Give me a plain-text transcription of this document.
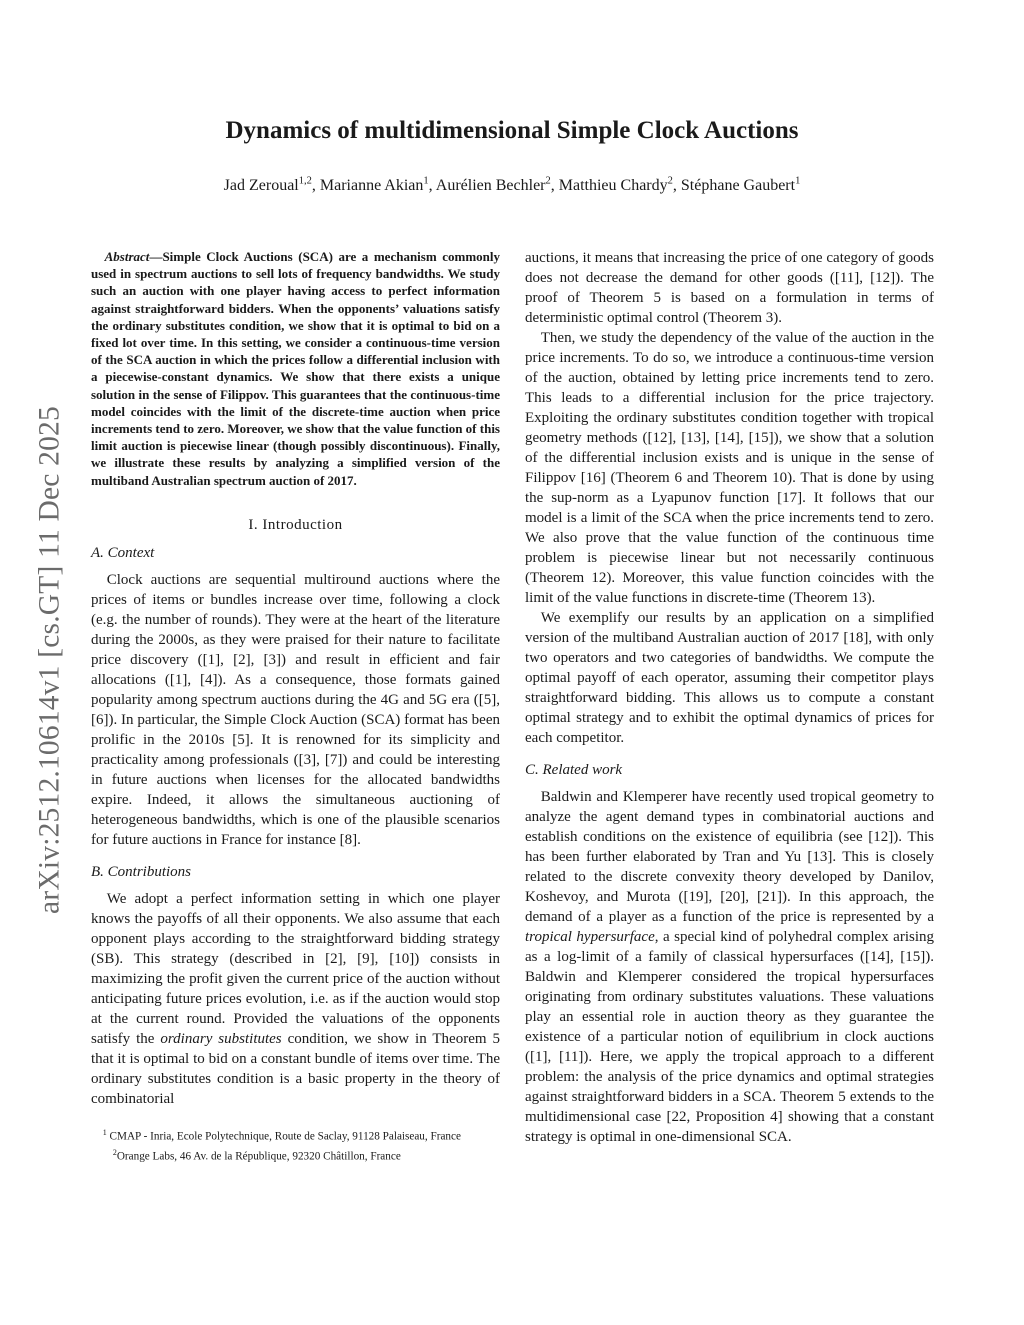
arXiv:2512.10614v1 [cs.GT] 11 Dec 2025
Dynamics of multidimensional Simple Clock Auctions
Jad Zeroual$^{1,2}$, Marianne Akian$^1$, Aurélien Bechler$^2$, Matthieu Chardy$^2$, Stéphane Gaubert$^1$

Abstract—Simple Clock Auctions (SCA) are a mechanism commonly used in spectrum auctions to sell lots of frequency bandwidths. We study such an auction with one player having access to perfect information against straightforward bidders. When the opponents’ valuations satisfy the ordinary substitutes condition, we show that it is optimal to bid on a fixed lot over time. In this setting, we consider a continuous-time version of the SCA auction in which the prices follow a differential inclusion with a piecewise-constant dynamics. We show that there exists a unique solution in the sense of Filippov. This guarantees that the continuous-time model coincides with the limit of the discrete-time auction when price increments tend to zero. Moreover, we show that the value function of this limit auction is piecewise linear (though possibly discontinuous). Finally, we illustrate these results by analyzing a simplified version of the multiband Australian spectrum auction of 2017.

I. Introduction
A. Context

Clock auctions are sequential multiround auctions where the prices of items or bundles increase over time, following a clock (e.g. the number of rounds). They were at the heart of the literature during the 2000s, as they were praised for their nature to facilitate price discovery ([1], [2], [3]) and result in efficient and fair allocations ([1], [4]). As a consequence, those formats gained popularity among spectrum auctions during the 4G and 5G era ([5], [6]). In particular, the Simple Clock Auction (SCA) format has been prolific in the 2010s [5]. It is renowned for its simplicity and practicality among professionals ([3], [7]) and could be interesting in future auctions when licenses for the allocated bandwidths expire. Indeed, it allows the simultaneous auctioning of heterogeneous bandwidths, which is one of the plausible scenarios for future auctions in France for instance [8].

B. Contributions

We adopt a perfect information setting in which one player knows the payoffs of all their opponents. We also assume that each opponent plays according to the straightforward bidding strategy (SB). This strategy (described in [2], [9], [10]) consists in maximizing the profit given the current price of the auction without anticipating future prices evolution, i.e. as if the auction would stop at the current round. Provided the valuations of the opponents satisfy the ordinary substitutes condition, we show in Theorem 5 that it is optimal to bid on a constant bundle of items over time. The ordinary substitutes condition is a basic property in the theory of combinatorial

$^1$ CMAP - Inria, Ecole Polytechnique, Route de Saclay, 91128 Palaiseau, France

$^2$Orange Labs, 46 Av. de la République, 92320 Châtillon, France

auctions, it means that increasing the price of one category of goods does not decrease the demand for other goods ([11], [12]). The proof of Theorem 5 is based on a formulation in terms of deterministic optimal control (Theorem 3).

Then, we study the dependency of the value of the auction in the price increments. To do so, we introduce a continuous-time version of the auction, obtained by letting price increments tend to zero. This leads to a differential inclusion for the price trajectory. Exploiting the ordinary substitutes condition together with tropical geometry methods ([12], [13], [14], [15]), we show that a solution of the differential inclusion exists and is unique in the sense of Filippov [16] (Theorem 6 and Theorem 10). That is done by using the sup-norm as a Lyapunov function [17]. It follows that our model is a limit of the SCA when the price increments tend to zero. We also prove that the value function of the continuous time problem is piecewise linear but not necessarily continuous (Theorem 12). Moreover, this value function coincides with the limit of the value functions in discrete-time (Theorem 13).

We exemplify our results by an application on a simplified version of the multiband Australian auction of 2017 [18], with only two operators and two categories of bandwidths. We compute the optimal payoff of each operator, assuming their competitor plays straightforward bidding. This allows us to compute a constant optimal strategy and to exhibit the optimal dynamics of prices for each competitor.

C. Related work

Baldwin and Klemperer have recently used tropical geometry to analyze the agent demand types in combinatorial auctions and establish conditions on the existence of equilibria (see [12]). This has been further elaborated by Tran and Yu [13]. This is closely related to the discrete convexity theory developed by Danilov, Koshevoy, and Murota ([19], [20], [21]). In this approach, the demand of a player as a function of the price is represented by a tropical hypersurface, a special kind of polyhedral complex arising as a log-limit of a family of classical hypersurfaces ([14], [15]). Baldwin and Klemperer considered the tropical hypersurfaces originating from ordinary substitutes valuations. These valuations play an essential role in auction theory as they guarantee the existence of a particular notion of equilibrium in clock auctions ([1], [11]). Here, we apply the tropical approach to a different problem: the analysis of the price dynamics and optimal strategies against straightforward bidders in a SCA. Theorem 5 extends to the multidimensional case [22, Proposition 4] showing that a constant strategy is optimal in one-dimensional SCA.
